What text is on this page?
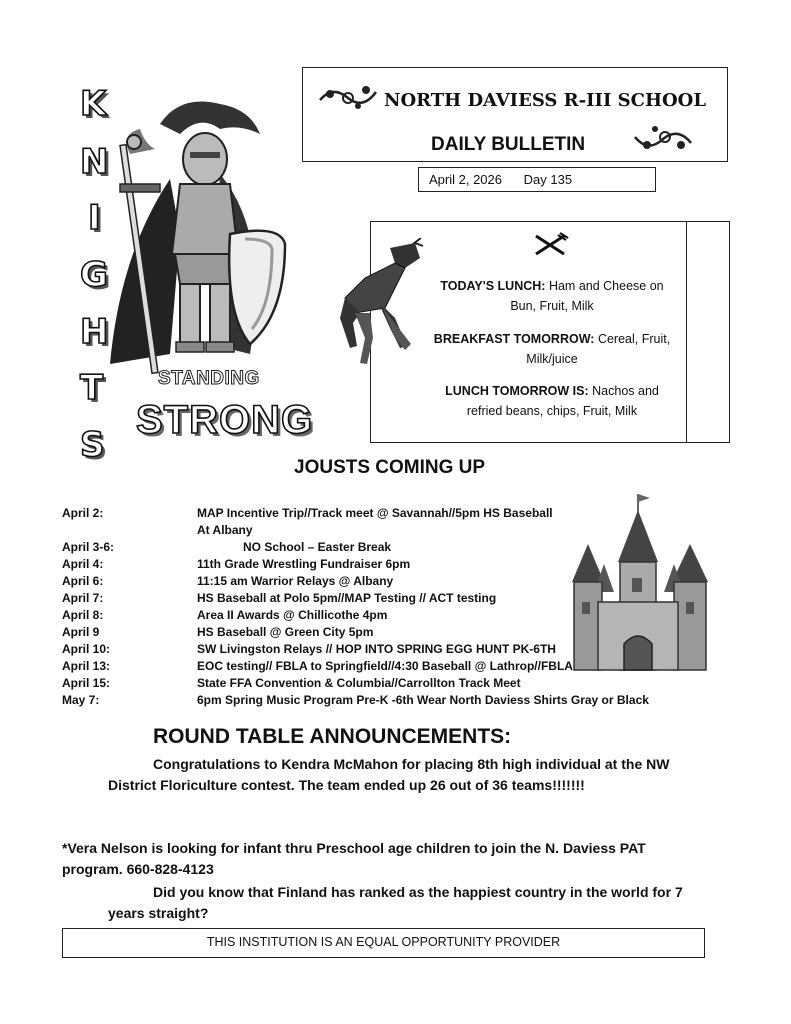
K
N
I
G
H
T
S
STANDING
STRONG
NORTH DAVIESS R-III SCHOOL
DAILY BULLETIN
April 2, 2026 Day 135
TODAY'S LUNCH: Ham and Cheese on
Bun, Fruit, Milk
BREAKFAST TOMORROW: Cereal, Fruit,
Milk/juice
LUNCH TOMORROW IS: Nachos and
refried beans, chips, Fruit, Milk
JOUSTS COMING UP
April 2:	MAP Incentive Trip//Track meet @ Savannah//5pm HS Baseball
At Albany
April 3-6:	NO School – Easter Break
April 4:	11th Grade Wrestling Fundraiser 6pm
April 6:	11:15 am Warrior Relays @ Albany
April 7:	HS Baseball at Polo 5pm//MAP Testing // ACT testing
April 8:	Area II Awards @ Chillicothe 4pm
April 9	HS Baseball @ Green City 5pm
April 10:	SW Livingston Relays // HOP INTO SPRING EGG HUNT PK-6TH
April 13:	EOC testing// FBLA to Springfield//4:30 Baseball @ Lathrop//FBLA
April 15:	State FFA Convention & Columbia//Carrollton Track Meet
May 7:	6pm Spring Music Program Pre-K -6th Wear North Daviess Shirts Gray or Black
ROUND TABLE ANNOUNCEMENTS:
Congratulations to Kendra McMahon for placing 8th high individual at the NW
District Floriculture contest. The team ended up 26 out of 36 teams!!!!!!!
*Vera Nelson is looking for infant thru Preschool age children to join the N. Daviess PAT
program. 660-828-4123
Did you know that Finland has ranked as the happiest country in the world for 7
years straight?
THIS INSTITUTION IS AN EQUAL OPPORTUNITY PROVIDER
